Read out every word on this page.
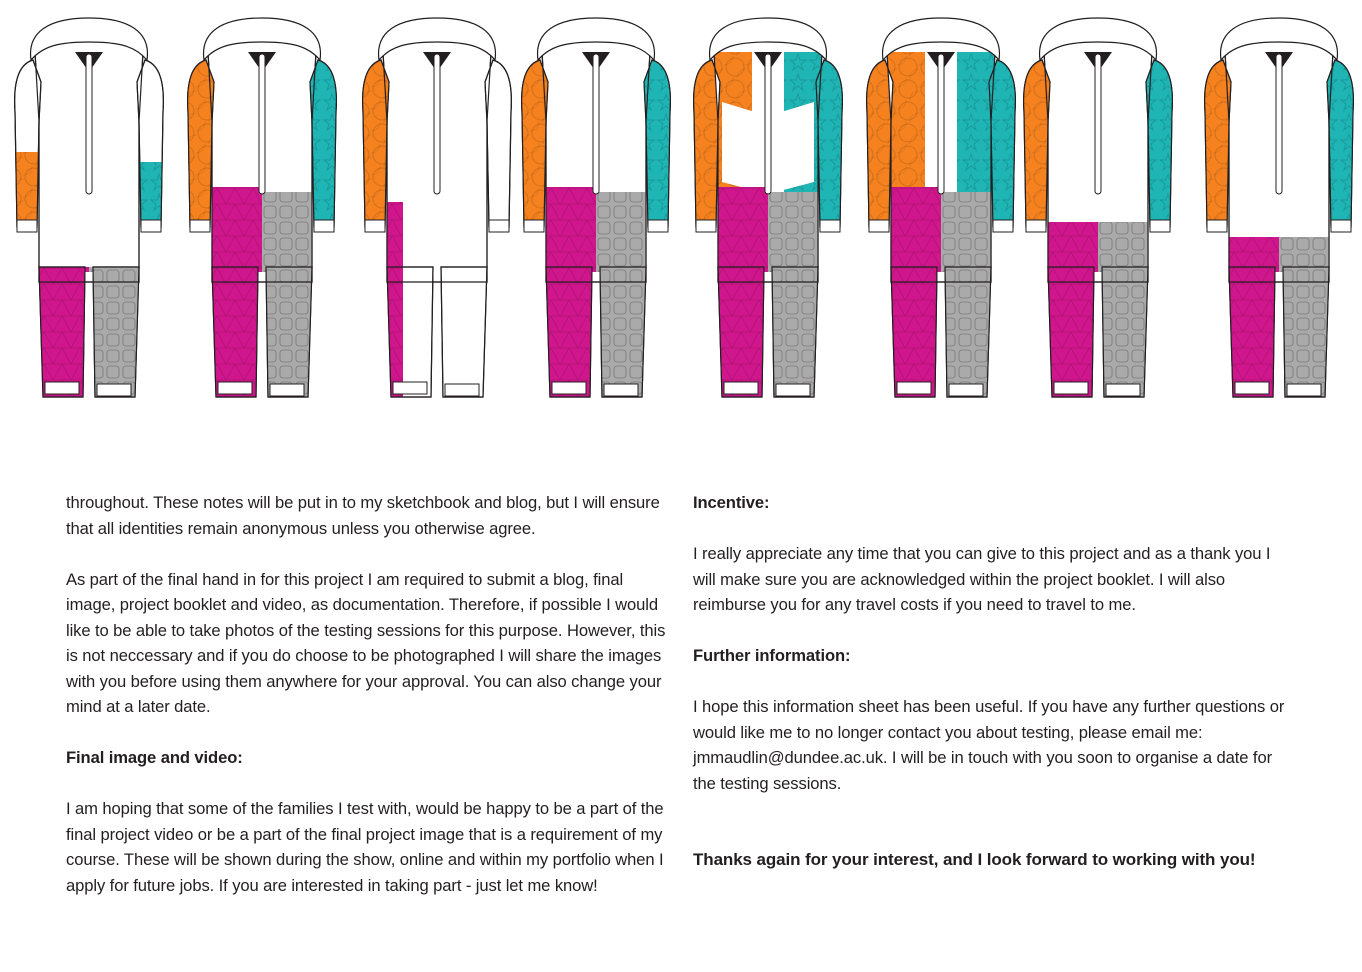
throughout. These notes will be put in to my sketchbook and blog, but I will ensure that all identities remain anonymous unless you otherwise agree.

As part of the final hand in for this project I am required to submit a blog, final image, project booklet and video, as documentation. Therefore, if possible I would like to be able to take photos of the testing sessions for this purpose. However, this is not neccessary and if you do choose to be photographed I will share the images with you before using them anywhere for your approval. You can also change your mind at a later date.

Final image and video:

I am hoping that some of the families I test with, would be happy to be a part of the final project video or be a part of the final project image that is a requirement of my course. These will be shown during the show, online and within my portfolio when I apply for future jobs. If you are interested in taking part - just let me know!

Incentive:

I really appreciate any time that you can give to this project and as a thank you I will make sure you are acknowledged within the project booklet. I will also reimburse you for any travel costs if you need to travel to me.

Further information:

I hope this information sheet has been useful. If you have any further questions or would like me to no longer contact you about testing, please email me: jmmaudlin@dundee.ac.uk. I will be in touch with you soon to organise a date for the testing sessions.

Thanks again for your interest, and I look forward to working with you!
